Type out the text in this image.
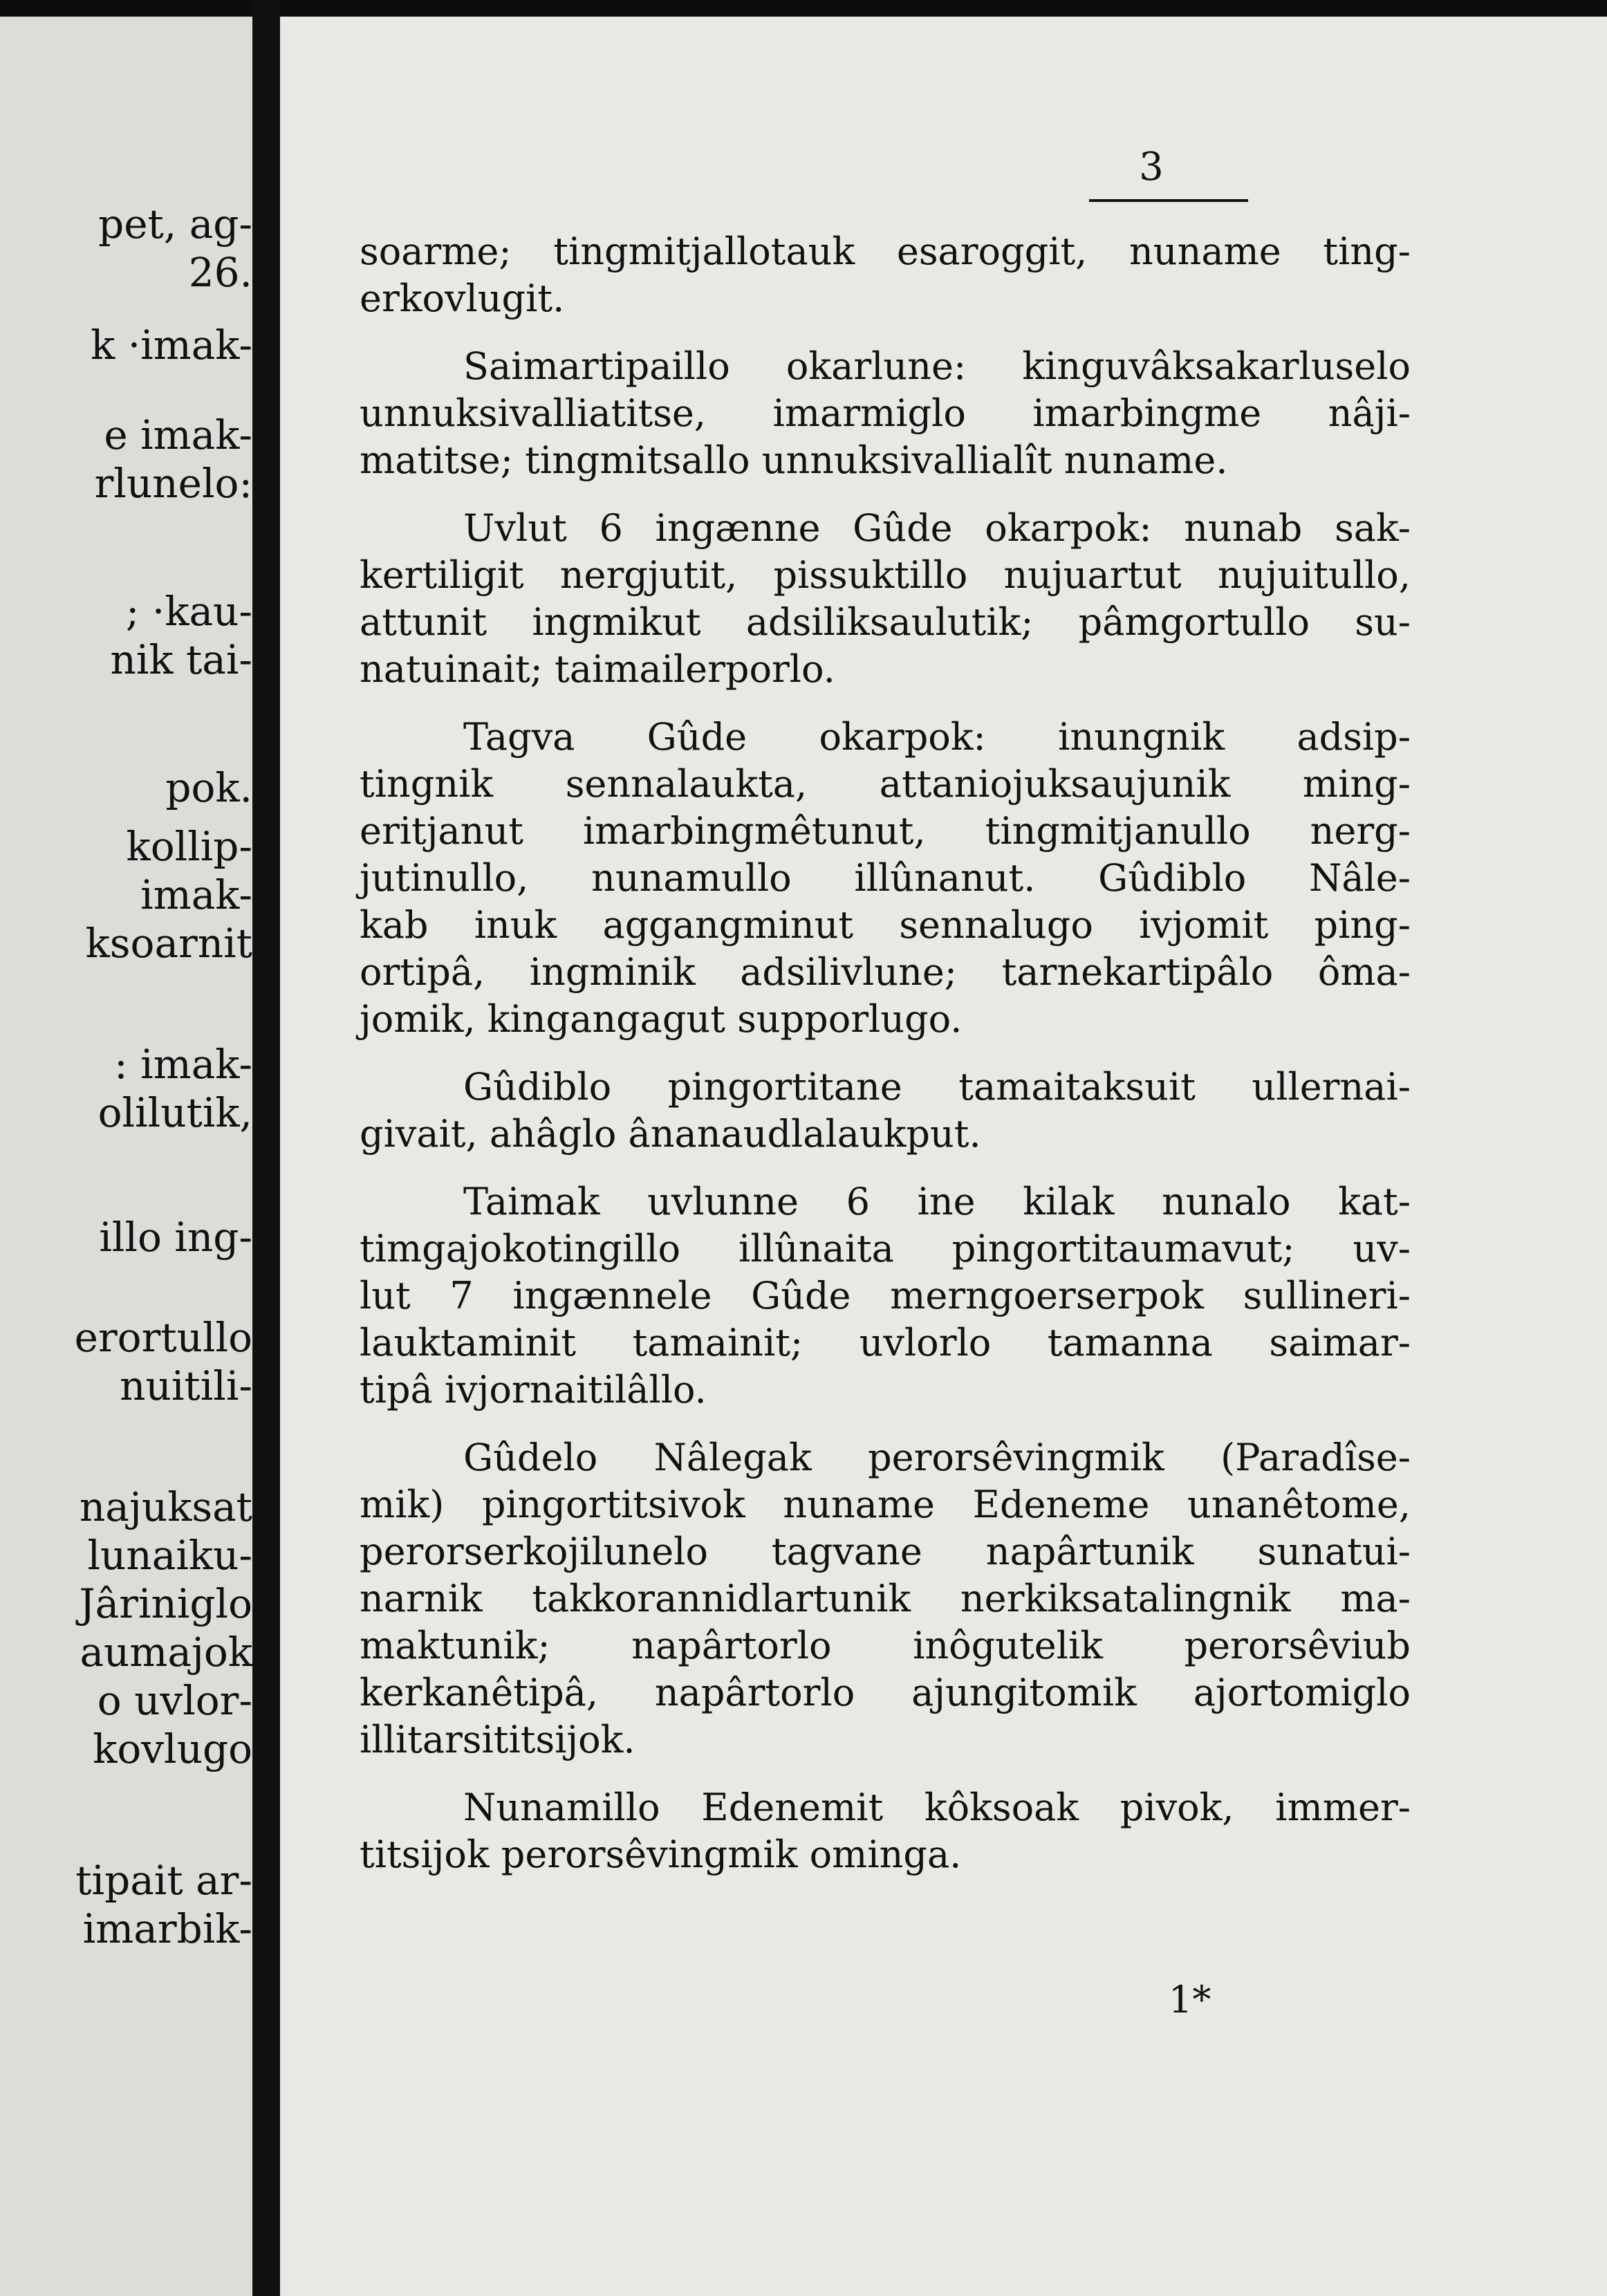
pet, ag-
26.
k ·imak-
e imak-
rlunelo:
; ·kau-
nik tai-
pok.
kollip-
imak-
ksoarnit
: imak-
olilutik,
illo ing-
erortullo
nuitili-
najuksat
lunaiku-
Jâriniglo
aumajok
o uvlor-
kovlugo
tipait ar-
imarbik-
3
soarme; tingmitjallotauk esaroggit, nuname ting-
erkovlugit.
Saimartipaillo okarlune: kinguvâksakarluselo
unnuksivalliatitse, imarmiglo imarbingme nâji-
matitse; tingmitsallo unnuksivallialît nuname.
Uvlut 6 ingænne Gûde okarpok: nunab sak-
kertiligit nergjutit, pissuktillo nujuartut nujuitullo,
attunit ingmikut adsiliksaulutik; pâmgortullo su-
natuinait; taimailerporlo.
Tagva Gûde okarpok: inungnik adsip-
tingnik sennalaukta, attaniojuksaujunik ming-
eritjanut imarbingmêtunut, tingmitjanullo nerg-
jutinullo, nunamullo illûnanut. Gûdiblo Nâle-
kab inuk aggangminut sennalugo ivjomit ping-
ortipâ, ingminik adsilivlune; tarnekartipâlo ôma-
jomik, kingangagut supporlugo.
Gûdiblo pingortitane tamaitaksuit ullernai-
givait, ahâglo ânanaudlalaukput.
Taimak uvlunne 6 ine kilak nunalo kat-
timgajokotingillo illûnaita pingortitaumavut; uv-
lut 7 ingænnele Gûde merngoerserpok sullineri-
lauktaminit tamainit; uvlorlo tamanna saimar-
tipâ ivjornaitilâllo.
Gûdelo Nâlegak perorsêvingmik (Paradîse-
mik) pingortitsivok nuname Edeneme unanêtome,
perorserkojilunelo tagvane napârtunik sunatui-
narnik takkorannidlartunik nerkiksatalingnik ma-
maktunik; napârtorlo inôgutelik perorsêviub
kerkanêtipâ, napârtorlo ajungitomik ajortomiglo
illitarsititsijok.
Nunamillo Edenemit kôksoak pivok, immer-
titsijok perorsêvingmik ominga.
1*
